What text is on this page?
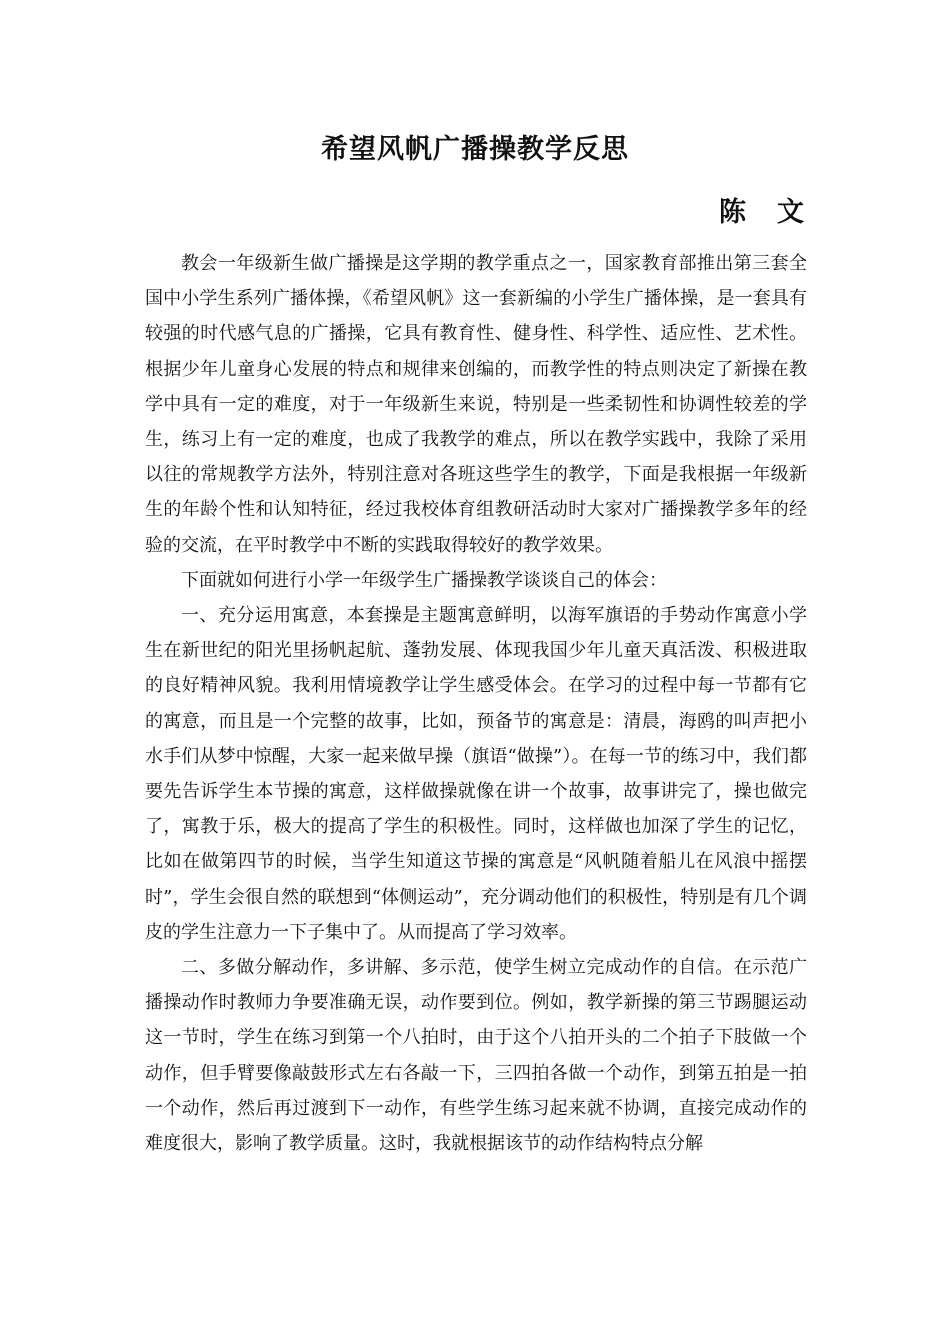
希望风帆广播操教学反思
陈　文

教会一年级新生做广播操是这学期的教学重点之一，国家教育部推出第三套全国中小学生系列广播体操，《希望风帆》这一套新编的小学生广播体操，是一套具有较强的时代感气息的广播操，它具有教育性、健身性、科学性、适应性、艺术性。根据少年儿童身心发展的特点和规律来创编的，而教学性的特点则决定了新操在教学中具有一定的难度，对于一年级新生来说，特别是一些柔韧性和协调性较差的学生，练习上有一定的难度，也成了我教学的难点，所以在教学实践中，我除了采用以往的常规教学方法外，特别注意对各班这些学生的教学，下面是我根据一年级新生的年龄个性和认知特征，经过我校体育组教研活动时大家对广播操教学多年的经验的交流，在平时教学中不断的实践取得较好的教学效果。

下面就如何进行小学一年级学生广播操教学谈谈自己的体会：

一、充分运用寓意，本套操是主题寓意鲜明，以海军旗语的手势动作寓意小学生在新世纪的阳光里扬帆起航、蓬勃发展、体现我国少年儿童天真活泼、积极进取的良好精神风貌。我利用情境教学让学生感受体会。在学习的过程中每一节都有它的寓意，而且是一个完整的故事，比如，预备节的寓意是：清晨，海鸥的叫声把小水手们从梦中惊醒，大家一起来做早操（旗语“做操”）。在每一节的练习中，我们都要先告诉学生本节操的寓意，这样做操就像在讲一个故事，故事讲完了，操也做完了，寓教于乐，极大的提高了学生的积极性。同时，这样做也加深了学生的记忆，比如在做第四节的时候，当学生知道这节操的寓意是“风帆随着船儿在风浪中摇摆时”，学生会很自然的联想到“体侧运动”，充分调动他们的积极性，特别是有几个调皮的学生注意力一下子集中了。从而提高了学习效率。

二、多做分解动作，多讲解、多示范，使学生树立完成动作的自信。在示范广播操动作时教师力争要准确无误，动作要到位。例如，教学新操的第三节踢腿运动这一节时，学生在练习到第一个八拍时，由于这个八拍开头的二个拍子下肢做一个动作，但手臂要像敲鼓形式左右各敲一下，三四拍各做一个动作，到第五拍是一拍一个动作，然后再过渡到下一动作，有些学生练习起来就不协调，直接完成动作的难度很大，影响了教学质量。这时，我就根据该节的动作结构特点分解
